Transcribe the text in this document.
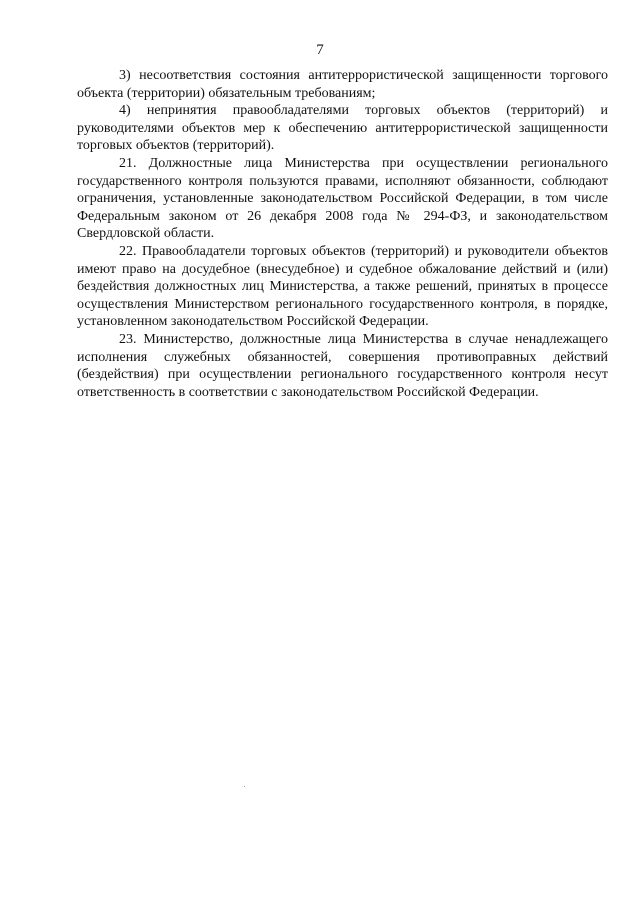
7

3) несоответствия состояния антитеррористической защищенности торгового объекта (территории) обязательным требованиям;

4) непринятия правообладателями торговых объектов (территорий) и руководителями объектов мер к обеспечению антитеррористической защищенности торговых объектов (территорий).

21. Должностные лица Министерства при осуществлении регионального государственного контроля пользуются правами, исполняют обязанности, соблюдают ограничения, установленные законодательством Российской Федерации, в том числе Федеральным законом от 26 декабря 2008 года № 294-ФЗ, и законодательством Свердловской области.

22. Правообладатели торговых объектов (территорий) и руководители объектов имеют право на досудебное (внесудебное) и судебное обжалование действий и (или) бездействия должностных лиц Министерства, а также решений, принятых в процессе осуществления Министерством регионального государственного контроля, в порядке, установленном законодательством Российской Федерации.

23. Министерство, должностные лица Министерства в случае ненадлежащего исполнения служебных обязанностей, совершения противоправных действий (бездействия) при осуществлении регионального государственного контроля несут ответственность в соответствии с законодательством Российской Федерации.
